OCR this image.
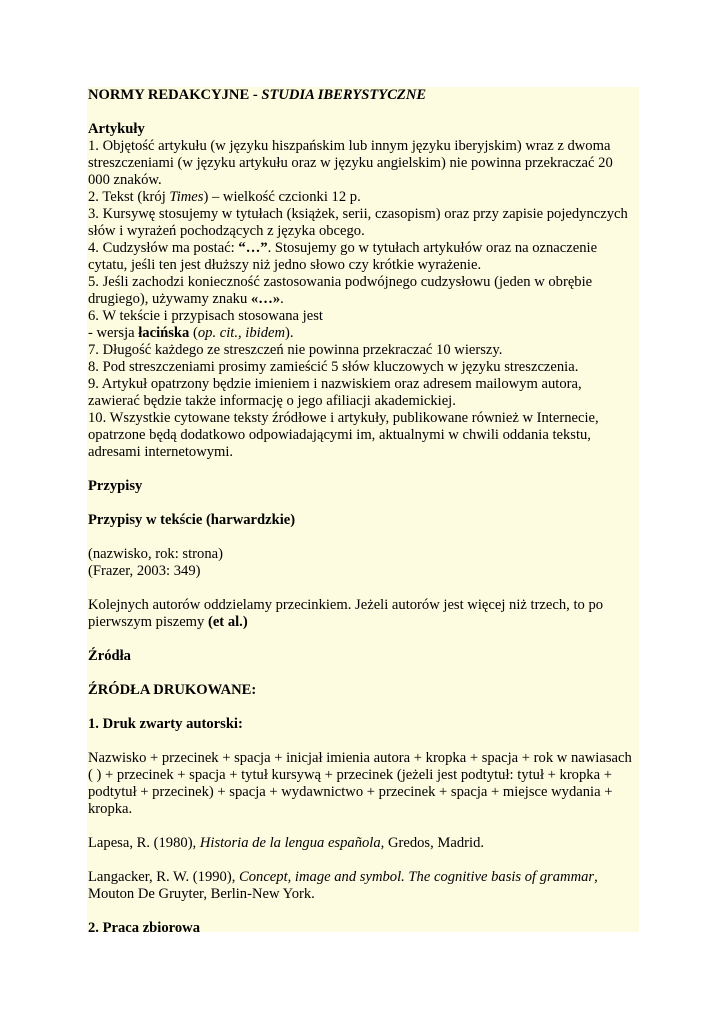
NORMY REDAKCYJNE - STUDIA IBERYSTYCZNE

Artykuły

1. Objętość artykułu (w języku hiszpańskim lub innym języku iberyjskim) wraz z dwoma streszczeniami (w języku artykułu oraz w języku angielskim) nie powinna przekraczać 20 000 znaków.

2. Tekst (krój Times) – wielkość czcionki 12 p.

3. Kursywę stosujemy w tytułach (książek, serii, czasopism) oraz przy zapisie pojedynczych słów i wyrażeń pochodzących z języka obcego.

4. Cudzysłów ma postać: “…”. Stosujemy go w tytułach artykułów oraz na oznaczenie cytatu, jeśli ten jest dłuższy niż jedno słowo czy krótkie wyrażenie.

5. Jeśli zachodzi konieczność zastosowania podwójnego cudzysłowu (jeden w obrębie drugiego), używamy znaku «…».

6. W tekście i przypisach stosowana jest

- wersja łacińska (op. cit., ibidem).

7. Długość każdego ze streszczeń nie powinna przekraczać 10 wierszy.

8. Pod streszczeniami prosimy zamieścić 5 słów kluczowych w języku streszczenia.

9. Artykuł opatrzony będzie imieniem i nazwiskiem oraz adresem mailowym autora, zawierać będzie także informację o jego afiliacji akademickiej.

10. Wszystkie cytowane teksty źródłowe i artykuły, publikowane również w Internecie, opatrzone będą dodatkowo odpowiadającymi im, aktualnymi w chwili oddania tekstu, adresami internetowymi.

Przypisy

Przypisy w tekście (harwardzkie)

(nazwisko, rok: strona)

(Frazer, 2003: 349)

Kolejnych autorów oddzielamy przecinkiem. Jeżeli autorów jest więcej niż trzech, to po pierwszym piszemy (et al.)

Źródła

ŹRÓDŁA DRUKOWANE:

1. Druk zwarty autorski:

Nazwisko + przecinek + spacja + inicjał imienia autora + kropka + spacja + rok w nawiasach ( ) + przecinek + spacja + tytuł kursywą + przecinek (jeżeli jest podtytuł: tytuł + kropka + podtytuł + przecinek) + spacja + wydawnictwo + przecinek + spacja + miejsce wydania + kropka.

Lapesa, R. (1980), Historia de la lengua española, Gredos, Madrid.

Langacker, R. W. (1990), Concept, image and symbol. The cognitive basis of grammar, Mouton De Gruyter, Berlin-New York.

2. Praca zbiorowa
